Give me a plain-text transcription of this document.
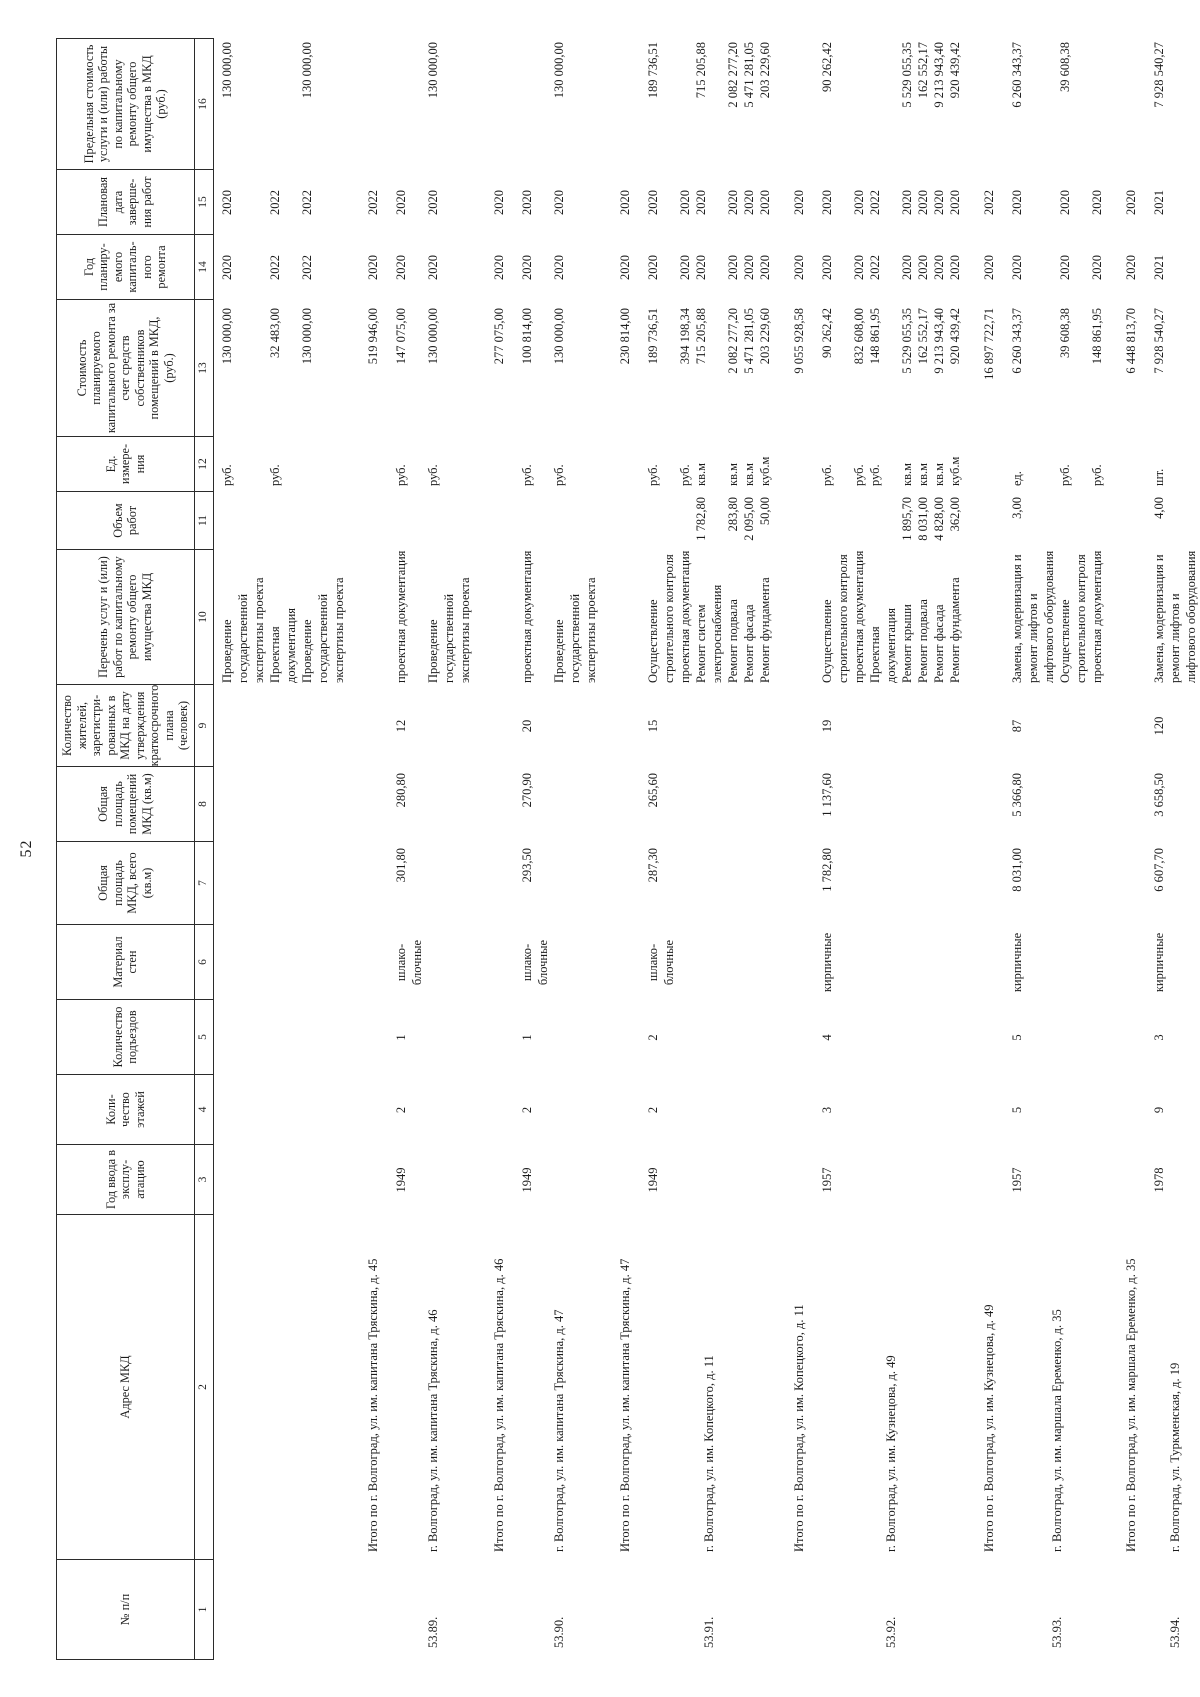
52
№ п/п
Адрес МКД
Год ввода в эксплу- атацию
Коли- чество этажей
Количество подъездов
Материал стен
Общая площадь МКД, всего (кв.м)
Общая площадь помещений МКД (кв.м)
Количество жителей, зарегистри- рованных в МКД на дату утверждения краткосрочного плана (человек)
Перечень услуг и (или) работ по капитальному ремонту общего имущества МКД
Объем работ
Ед. измере- ния
Стоимость планируемого капитального ремонта за счет средств собственников помещений в МКД, (руб.)
Год планиру- емого капиталь- ного ремонта
Плановая дата заверше- ния работ
Предельная стоимость услуги и (или) работы по капитальному ремонту общего имущества в МКД (руб.)
1
2
3
4
5
6
7
8
9
10
11
12
13
14
15
16
Проведение государственной экспертизы проекта
руб.
130 000,00
2020
2020
130 000,00
Проектная документация
руб.
32 483,00
2022
2022
Проведение государственной экспертизы проекта
130 000,00
2022
2022
130 000,00
Итого по г. Волгоград, ул. им. капитана Тряскина, д. 45
519 946,00
2020
2022
53.89.
г. Волгоград, ул. им. капитана Тряскина, д. 46
1949
2
1
шлако-блочные
301,80
280,80
12
проектная документация
руб.
147 075,00
2020
2020
Проведение государственной экспертизы проекта
руб.
130 000,00
2020
2020
130 000,00
Итого по г. Волгоград, ул. им. капитана Тряскина, д. 46
277 075,00
2020
2020
53.90.
г. Волгоград, ул. им. капитана Тряскина, д. 47
1949
2
1
шлако-блочные
293,50
270,90
20
проектная документация
руб.
100 814,00
2020
2020
Проведение государственной экспертизы проекта
руб.
130 000,00
2020
2020
130 000,00
Итого по г. Волгоград, ул. им. капитана Тряскина, д. 47
230 814,00
2020
2020
53.91.
г. Волгоград, ул. им. Копецкого, д. 11
1949
2
2
шлако-блочные
287,30
265,60
15
Осуществление строительного контроля
руб.
189 736,51
2020
2020
189 736,51
проектная документация
руб.
394 198,34
2020
2020
Ремонт систем электроснабжения
1 782,80
кв.м
715 205,88
2020
2020
715 205,88
Ремонт подвала
283,80
кв.м
2 082 277,20
2020
2020
2 082 277,20
Ремонт фасада
2 095,00
кв.м
5 471 281,05
2020
2020
5 471 281,05
Ремонт фундамента
50,00
куб.м
203 229,60
2020
2020
203 229,60
Итого по г. Волгоград, ул. им. Копецкого, д. 11
9 055 928,58
2020
2020
53.92.
г. Волгоград, ул. им. Кузнецова, д. 49
1957
3
4
кирпичные
1 782,80
1 137,60
19
Осуществление строительного контроля
руб.
90 262,42
2020
2020
90 262,42
проектная документация
руб.
832 608,00
2020
2020
Проектная документация
руб.
148 861,95
2022
2022
Ремонт крыши
1 895,70
кв.м
5 529 055,35
2020
2020
5 529 055,35
Ремонт подвала
8 031,00
кв.м
162 552,17
2020
2020
162 552,17
Ремонт фасада
4 828,00
кв.м
9 213 943,40
2020
2020
9 213 943,40
Ремонт фундамента
362,00
куб.м
920 439,42
2020
2020
920 439,42
Итого по г. Волгоград, ул. им. Кузнецова, д. 49
16 897 722,71
2020
2022
53.93.
г. Волгоград, ул. им. маршала Еременко, д. 35
1957
5
5
кирпичные
8 031,00
5 366,80
87
Замена, модернизация и ремонт лифтов и лифтового оборудования
3,00
ед.
6 260 343,37
2020
2020
6 260 343,37
Осуществление строительного контроля
руб.
39 608,38
2020
2020
39 608,38
проектная документация
руб.
148 861,95
2020
2020
Итого по г. Волгоград, ул. им. маршала Еременко, д. 35
6 448 813,70
2020
2020
53.94.
г. Волгоград, ул. Туркменская, д. 19
1978
9
3
кирпичные
6 607,70
3 658,50
120
Замена, модернизация и ремонт лифтов и лифтового оборудования
4,00
шт.
7 928 540,27
2021
2021
7 928 540,27
